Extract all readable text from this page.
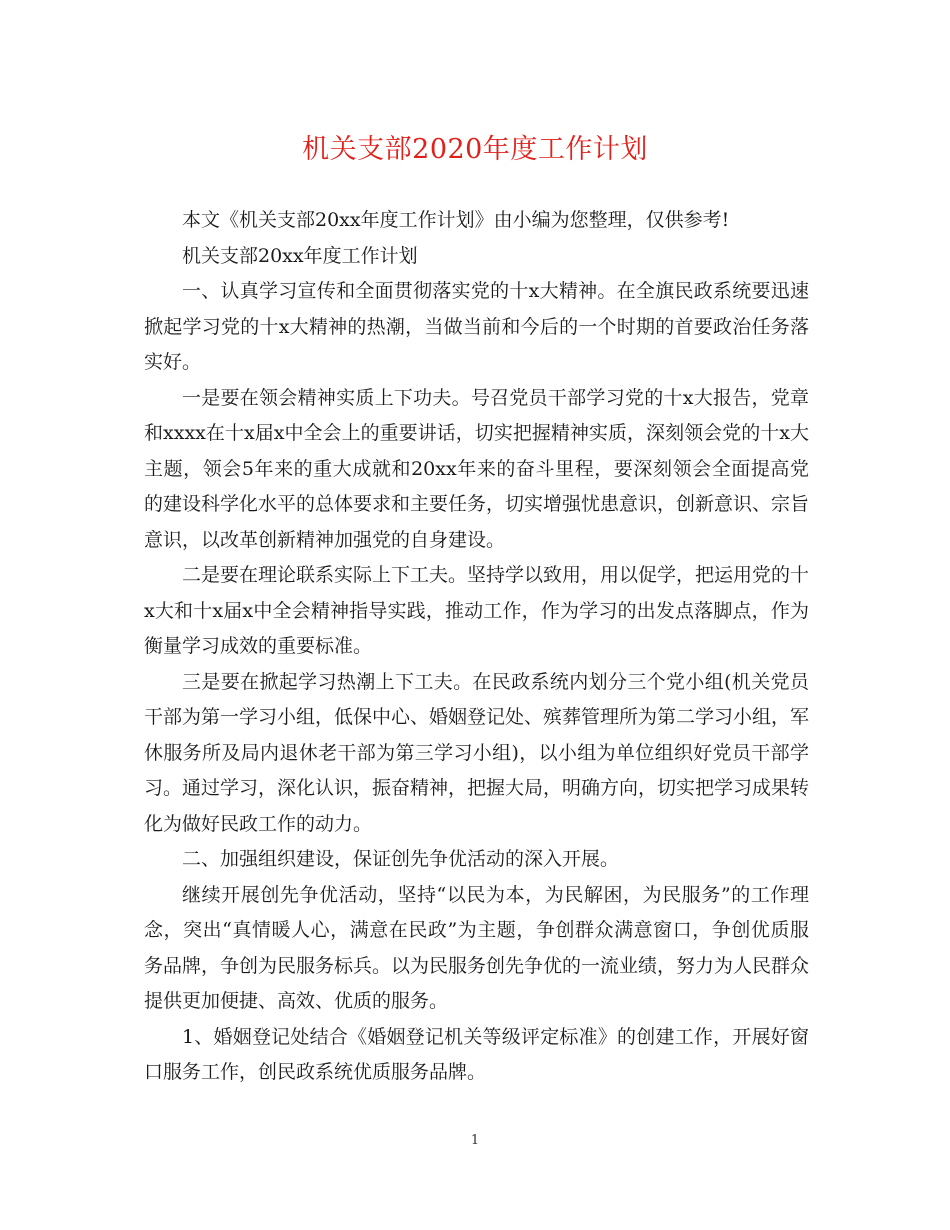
机关支部2020年度工作计划

本文《机关支部20xx年度工作计划》由小编为您整理，仅供参考!

机关支部20xx年度工作计划

一、认真学习宣传和全面贯彻落实党的十x大精神。在全旗民政系统要迅速掀起学习党的十x大精神的热潮，当做当前和今后的一个时期的首要政治任务落实好。

一是要在领会精神实质上下功夫。号召党员干部学习党的十x大报告，党章和xxxx在十x届x中全会上的重要讲话，切实把握精神实质，深刻领会党的十x大主题，领会5年来的重大成就和20xx年来的奋斗里程，要深刻领会全面提高党的建设科学化水平的总体要求和主要任务，切实增强忧患意识，创新意识、宗旨意识，以改革创新精神加强党的自身建设。

二是要在理论联系实际上下工夫。坚持学以致用，用以促学，把运用党的十x大和十x届x中全会精神指导实践，推动工作，作为学习的出发点落脚点，作为衡量学习成效的重要标准。

三是要在掀起学习热潮上下工夫。在民政系统内划分三个党小组(机关党员干部为第一学习小组，低保中心、婚姻登记处、殡葬管理所为第二学习小组，军休服务所及局内退休老干部为第三学习小组)，以小组为单位组织好党员干部学习。通过学习，深化认识，振奋精神，把握大局，明确方向，切实把学习成果转化为做好民政工作的动力。

二、加强组织建设，保证创先争优活动的深入开展。

继续开展创先争优活动，坚持“以民为本，为民解困，为民服务”的工作理念，突出“真情暖人心，满意在民政”为主题，争创群众满意窗口，争创优质服务品牌，争创为民服务标兵。以为民服务创先争优的一流业绩，努力为人民群众提供更加便捷、高效、优质的服务。

1、婚姻登记处结合《婚姻登记机关等级评定标准》的创建工作，开展好窗口服务工作，创民政系统优质服务品牌。

1
